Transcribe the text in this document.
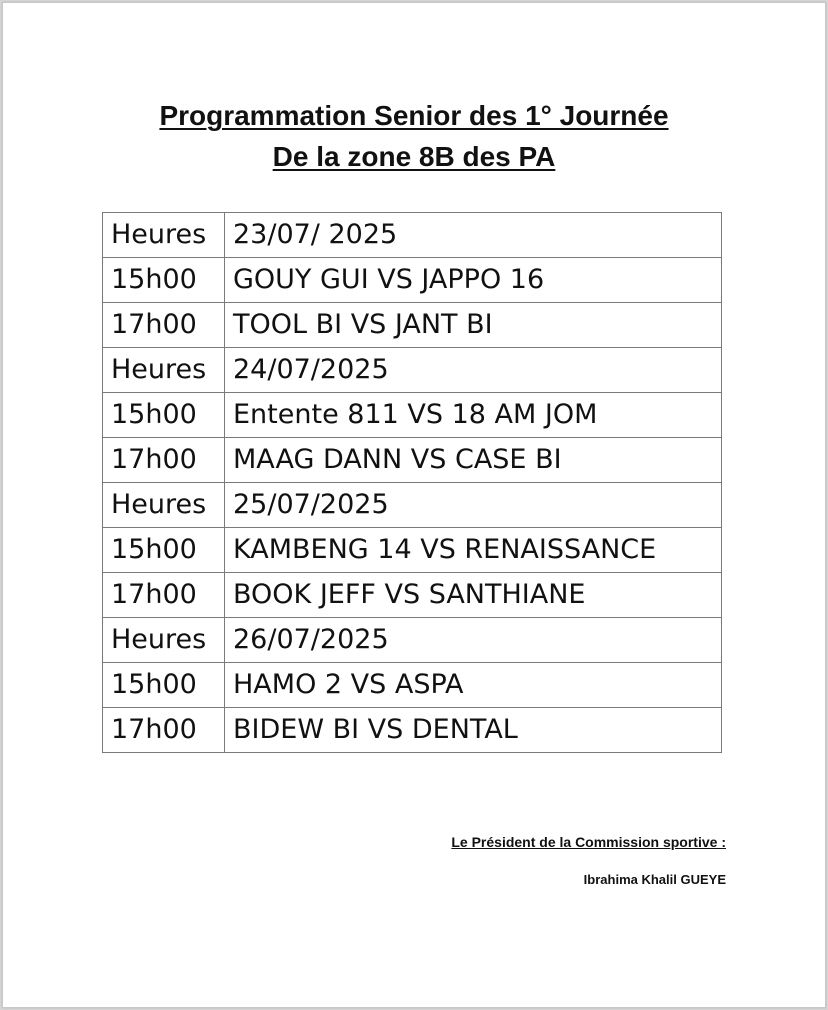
Programmation Senior des 1° Journée
De la zone 8B des PA
Heures	23/07/ 2025
15h00	GOUY GUI VS JAPPO 16
17h00	TOOL BI VS JANT BI
Heures	24/07/2025
15h00	Entente 811 VS 18 AM JOM
17h00	MAAG DANN VS CASE BI
Heures	25/07/2025
15h00	KAMBENG 14 VS RENAISSANCE
17h00	BOOK JEFF VS SANTHIANE
Heures	26/07/2025
15h00	HAMO 2 VS ASPA
17h00	BIDEW BI VS DENTAL
Le Président de la Commission sportive :
Ibrahima Khalil GUEYE
